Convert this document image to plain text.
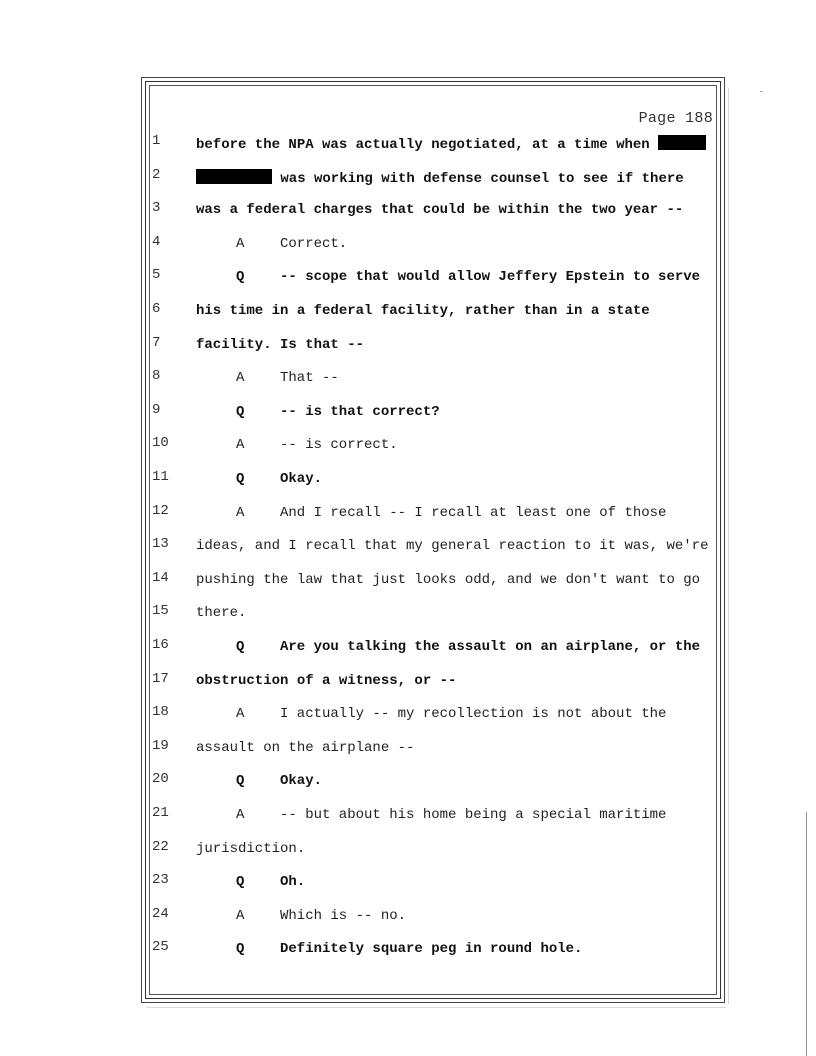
Page 188
1	before the NPA was actually negotiated, at a time when
2	was working with defense counsel to see if there
3	was a federal charges that could be within the two year --
4	A	Correct.
5	Q	-- scope that would allow Jeffery Epstein to serve
6	his time in a federal facility, rather than in a state
7	facility. Is that --
8	A	That --
9	Q	-- is that correct?
10	A	-- is correct.
11	Q	Okay.
12	A	And I recall -- I recall at least one of those
13 ideas, and I recall that my general reaction to it was, we're
14 pushing the law that just looks odd, and we don't want to go
15 there.
16	Q	Are you talking the assault on an airplane, or the
17 obstruction of a witness, or --
18	A	I actually -- my recollection is not about the
19 assault on the airplane --
20	Q	Okay.
21	A	-- but about his home being a special maritime
22 jurisdiction.
23	Q	Oh.
24	A	Which is -- no.
25	Q	Definitely square peg in round hole.
